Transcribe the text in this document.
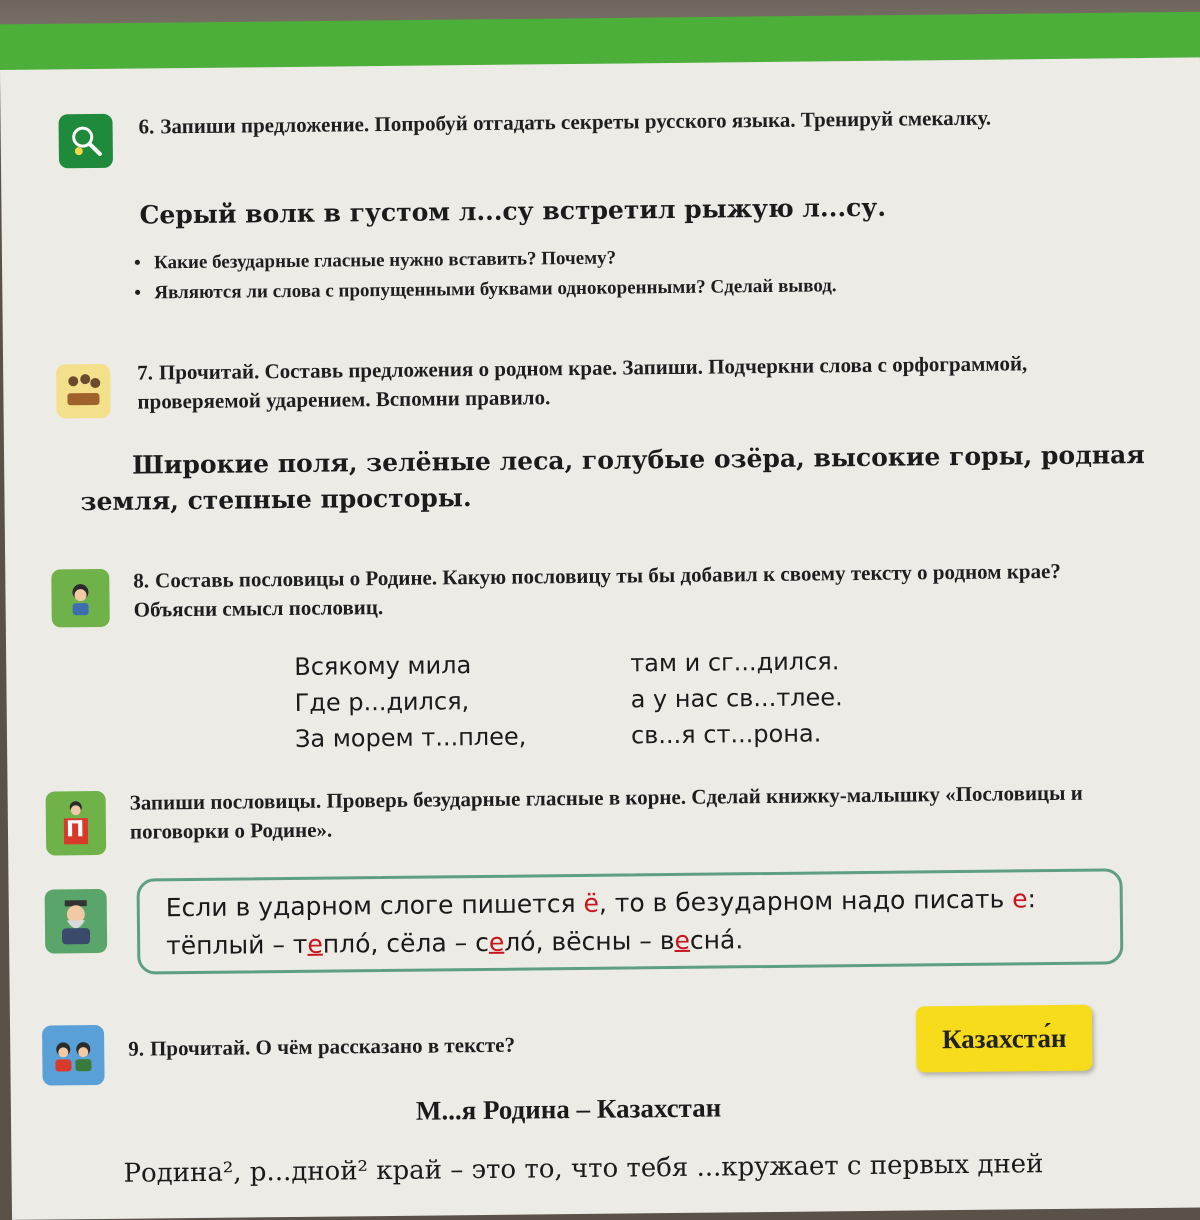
6. Запиши предложение. Попробуй отгадать секреты русского языка. Тренируй смекалку.
Серый волк в густом л...су встретил рыжую л...су.
• Какие безударные гласные нужно вставить? Почему?
• Являются ли слова с пропущенными буквами однокоренными? Сделай вывод.
7. Прочитай. Составь предложения о родном крае. Запиши. Подчеркни слова с орфограммой, проверяемой ударением. Вспомни правило.
Широкие поля, зелёные леса, голубые озёра, высокие горы, родная
земля, степные просторы.
8. Составь пословицы о Родине. Какую пословицу ты бы добавил к своему тексту о родном крае? Объясни смысл пословиц.
Всякому мила
Где р...дился,
За морем т...плее,
там и сг...дился.
а у нас св...тлее.
св...я ст...рона.
П
Запиши пословицы. Проверь безударные гласные в корне. Сделай книжку-малышку «Пословицы и поговорки о Родине».
Если в ударном слоге пишется ё, то в безударном надо писать е:
тёплый – тепло́, сёла – село́, вёсны – весна́.
9. Прочитай. О чём рассказано в тексте?	Казахста́н
М...я Родина – Казахстан
Родина², р...дной² край – это то, что тебя ...кружает с первых дней
